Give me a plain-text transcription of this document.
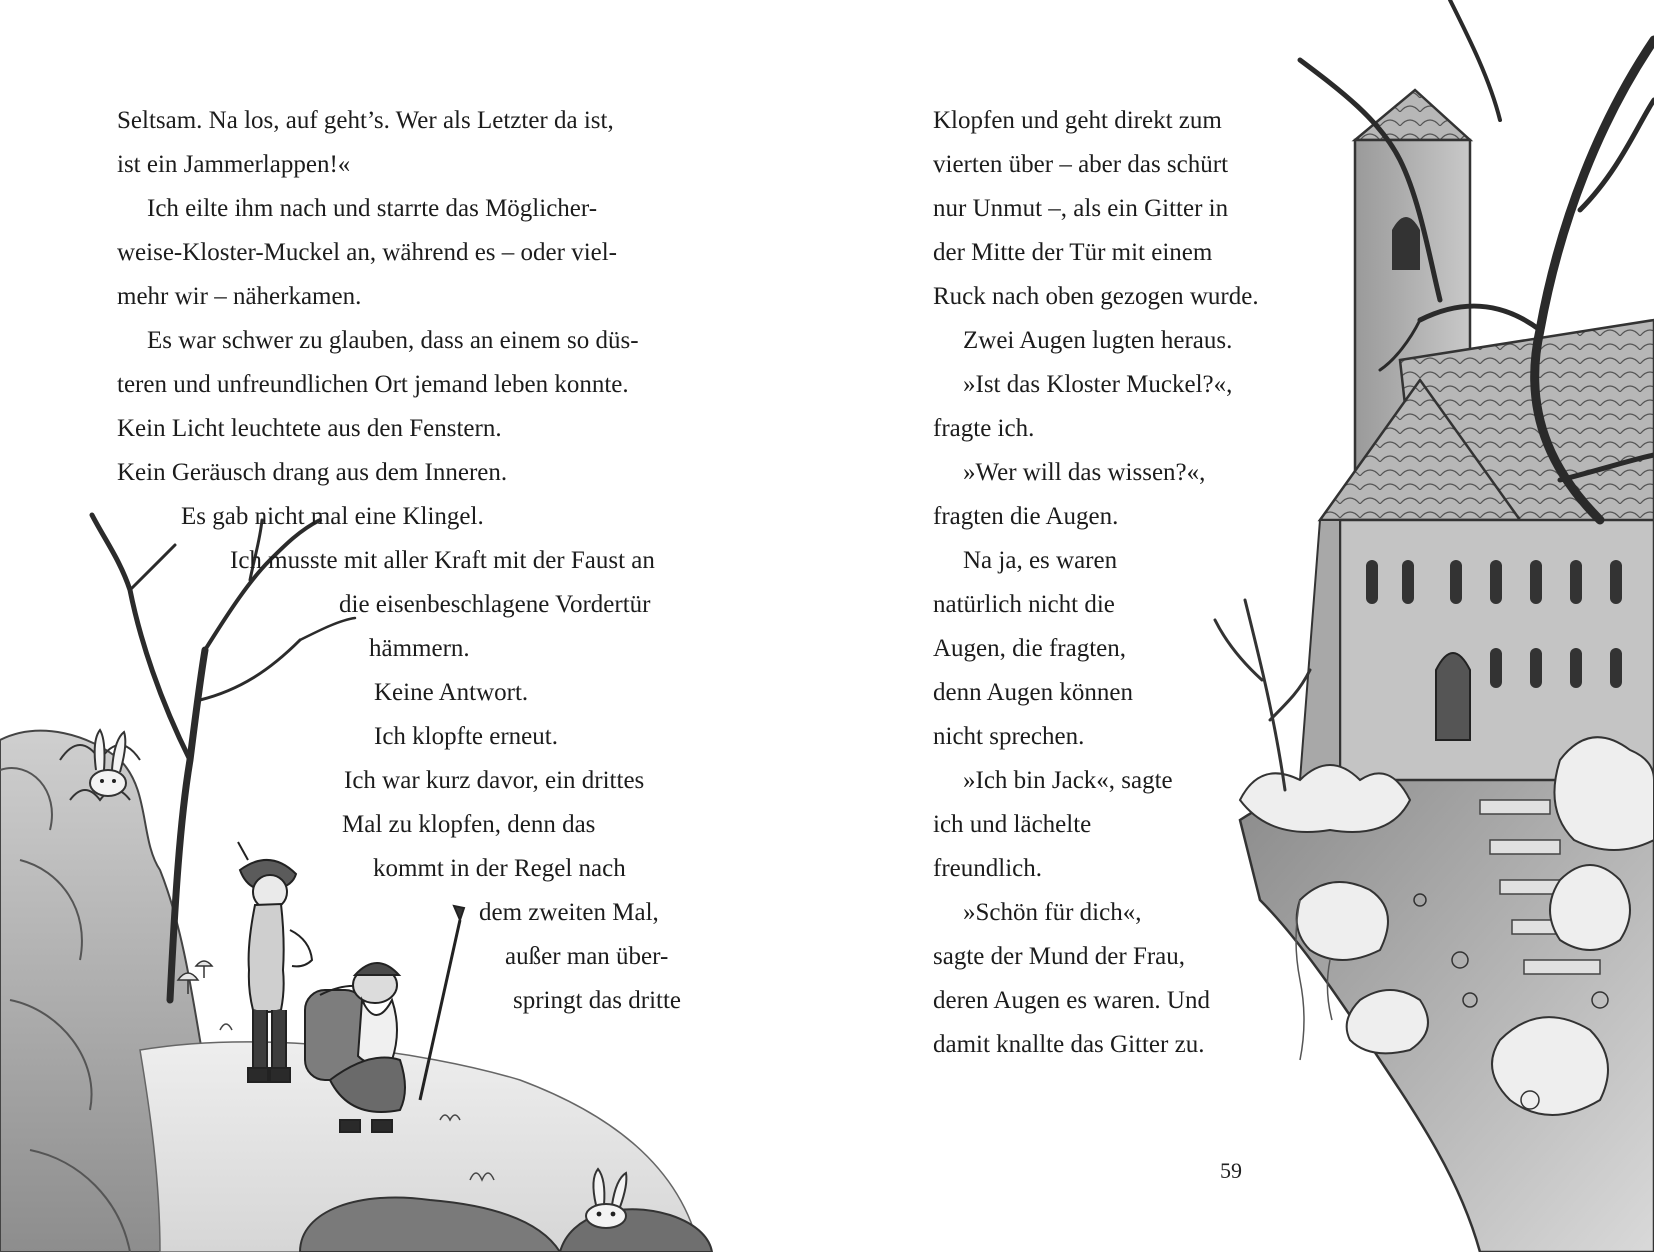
Seltsam. Na los, auf geht’s. Wer als Letzter da ist,
ist ein Jammerlappen!«
Ich eilte ihm nach und starrte das Möglicher-
weise-Kloster-Muckel an, während es – oder viel-
mehr wir – näherkamen.
Es war schwer zu glauben, dass an einem so düs-
teren und unfreundlichen Ort jemand leben konnte.
Kein Licht leuchtete aus den Fenstern.
Kein Geräusch drang aus dem Inneren.
Es gab nicht mal eine Klingel.
Ich musste mit aller Kraft mit der Faust an
die eisenbeschlagene Vordertür
hämmern.
Keine Antwort.
Ich klopfte erneut.
Ich war kurz davor, ein drittes
Mal zu klopfen, denn das
kommt in der Regel nach
dem zweiten Mal,
außer man über-
springt das dritte
Klopfen und geht direkt zum
vierten über – aber das schürt
nur Unmut –, als ein Gitter in
der Mitte der Tür mit einem
Ruck nach oben gezogen wurde.
Zwei Augen lugten heraus.
»Ist das Kloster Muckel?«,
fragte ich.
»Wer will das wissen?«,
fragten die Augen.
Na ja, es waren
natürlich nicht die
Augen, die fragten,
denn Augen können
nicht sprechen.
»Ich bin Jack«, sagte
ich und lächelte
freundlich.
»Schön für dich«,
sagte der Mund der Frau,
deren Augen es waren. Und
damit knallte das Gitter zu.
59
